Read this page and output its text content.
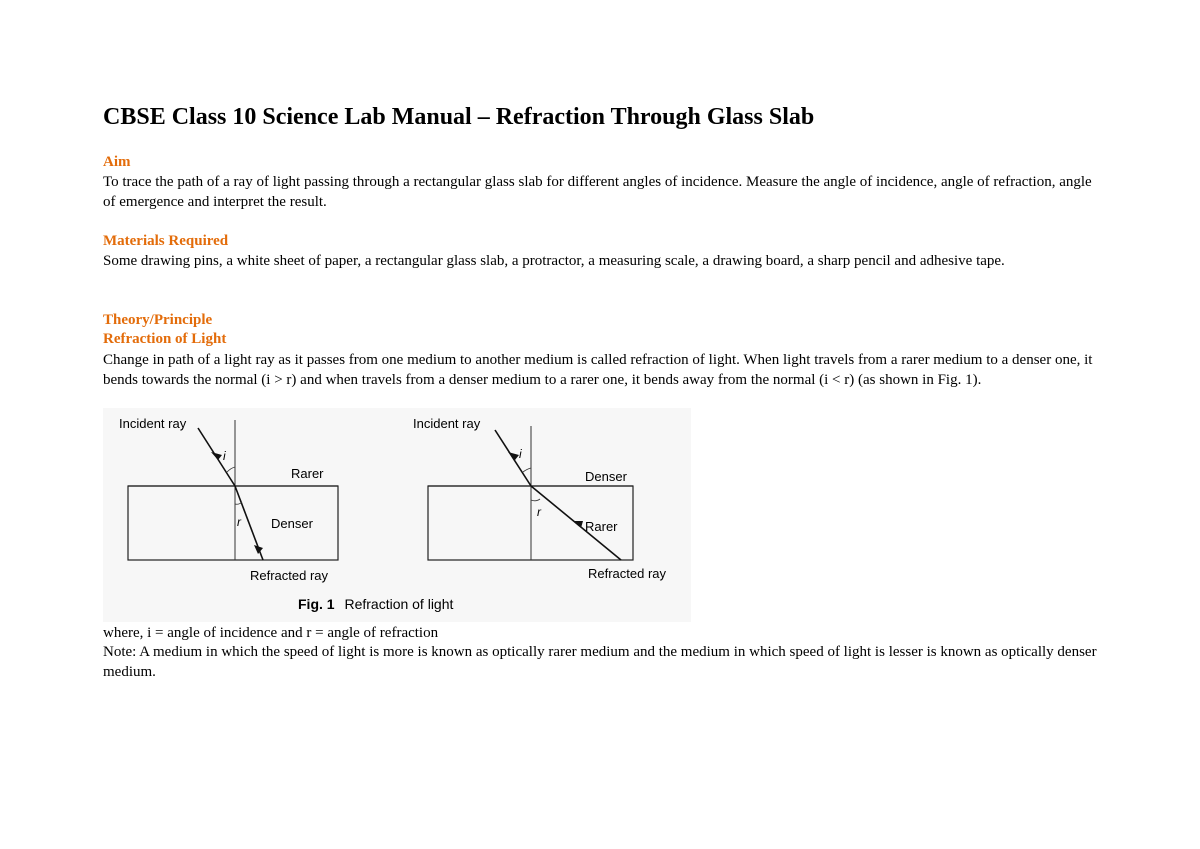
CBSE Class 10 Science Lab Manual – Refraction Through Glass Slab
Aim
To trace the path of a ray of light passing through a rectangular glass slab for different angles of incidence. Measure the angle of incidence, angle of refraction, angle of emergence and interpret the result.
Materials Required
Some drawing pins, a white sheet of paper, a rectangular glass slab, a protractor, a measuring scale, a drawing board, a sharp pencil and adhesive tape.
Theory/Principle
Refraction of Light
Change in path of a light ray as it passes from one medium to another medium is called refraction of light. When light travels from a rarer medium to a denser one, it bends towards the normal (i > r) and when travels from a denser medium to a rarer one, it bends away from the normal (i < r) (as shown in Fig. 1).
Incident ray
i
Rarer
r Denser
Refracted ray
Incident ray
i
Denser
r
Rarer
Refracted ray
Fig. 1 Refraction of light
where, i = angle of incidence and r = angle of refraction
Note: A medium in which the speed of light is more is known as optically rarer medium and the medium in which speed of light is lesser is known as optically denser medium.
